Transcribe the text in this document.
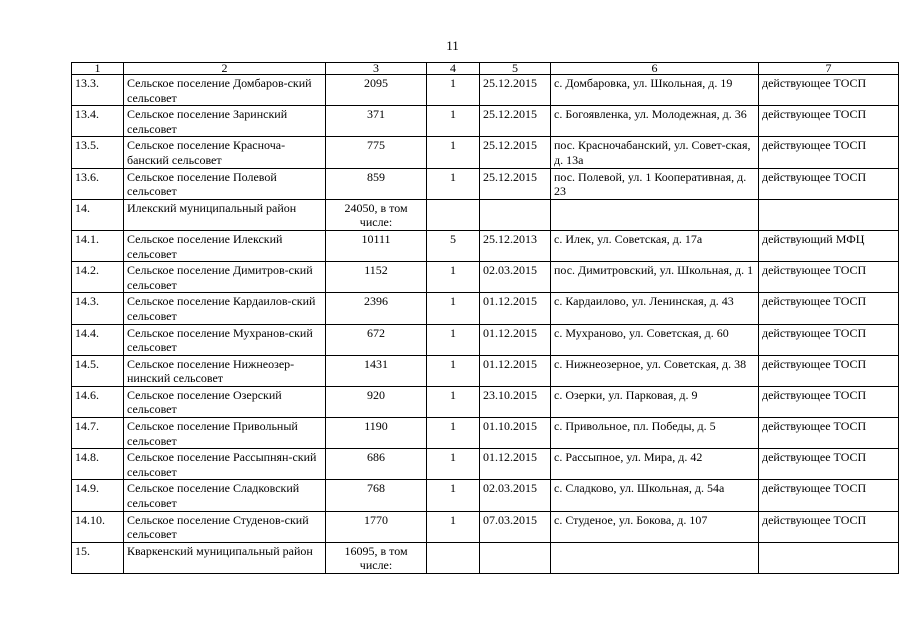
11
1	2	3	4	5	6	7
13.3.	Сельское поселение Домбаров-ский сельсовет	2095	1	25.12.2015	с. Домбаровка, ул. Школьная, д. 19	действующее ТОСП
13.4.	Сельское поселение Заринский сельсовет	371	1	25.12.2015	с. Богоявленка, ул. Молодежная, д. 36	действующее ТОСП
13.5.	Сельское поселение Красноча-банский сельсовет	775	1	25.12.2015	пос. Красночабанский, ул. Совет-ская, д. 13а	действующее ТОСП
13.6.	Сельское поселение Полевой сельсовет	859	1	25.12.2015	пос. Полевой, ул. 1 Кооперативная, д. 23	действующее ТОСП
14.	Илекский муниципальный район	24050, в том числе:				
14.1.	Сельское поселение Илекский сельсовет	10111	5	25.12.2013	с. Илек, ул. Советская, д. 17а	действующий МФЦ
14.2.	Сельское поселение Димитров-ский сельсовет	1152	1	02.03.2015	пос. Димитровский, ул. Школьная, д. 1	действующее ТОСП
14.3.	Сельское поселение Кардаилов-ский сельсовет	2396	1	01.12.2015	с. Кардаилово, ул. Ленинская, д. 43	действующее ТОСП
14.4.	Сельское поселение Мухранов-ский сельсовет	672	1	01.12.2015	с. Мухраново, ул. Советская, д. 60	действующее ТОСП
14.5.	Сельское поселение Нижнеозер-нинский сельсовет	1431	1	01.12.2015	с. Нижнеозерное, ул. Советская, д. 38	действующее ТОСП
14.6.	Сельское поселение Озерский сельсовет	920	1	23.10.2015	с. Озерки, ул. Парковая, д. 9	действующее ТОСП
14.7.	Сельское поселение Привольный сельсовет	1190	1	01.10.2015	с. Привольное, пл. Победы, д. 5	действующее ТОСП
14.8.	Сельское поселение Рассыпнян-ский сельсовет	686	1	01.12.2015	с. Рассыпное, ул. Мира, д. 42	действующее ТОСП
14.9.	Сельское поселение Сладковский сельсовет	768	1	02.03.2015	с. Сладково, ул. Школьная, д. 54а	действующее ТОСП
14.10.	Сельское поселение Студенов-ский сельсовет	1770	1	07.03.2015	с. Студеное, ул. Бокова, д. 107	действующее ТОСП
15.	Кваркенский муниципальный район	16095, в том числе:				
